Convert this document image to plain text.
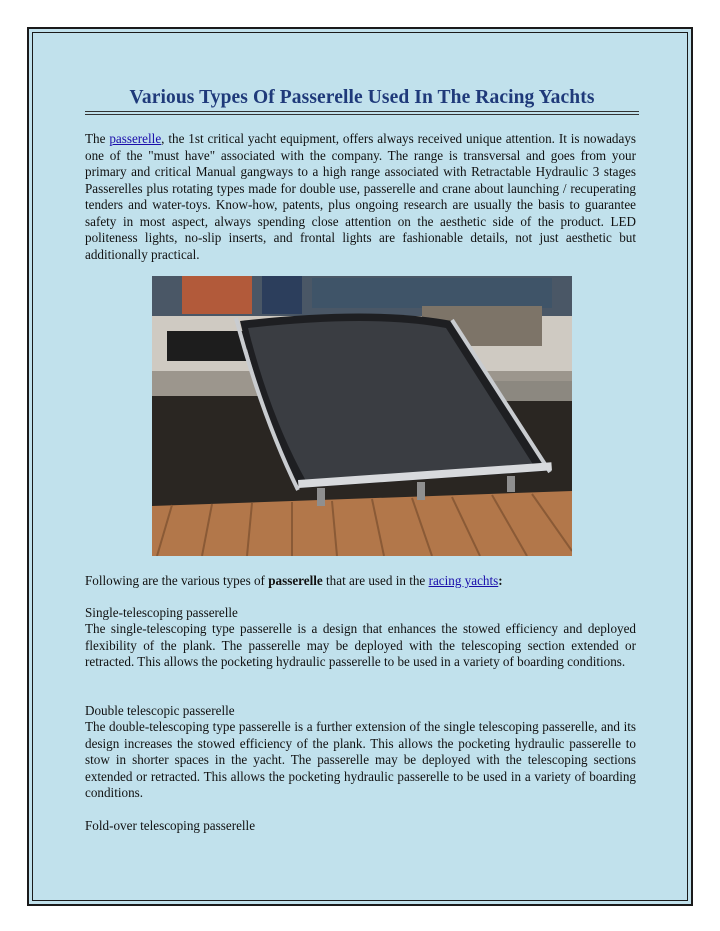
Various Types Of Passerelle Used In The Racing Yachts

The passerelle, the 1st critical yacht equipment, offers always received unique attention. It is nowadays one of the "must have" associated with the company. The range is transversal and goes from your primary and critical Manual gangways to a high range associated with Retractable Hydraulic 3 stages Passerelles plus rotating types made for double use, passerelle and crane about launching / recuperating tenders and water-toys. Know-how, patents, plus ongoing research are usually the basis to guarantee safety in most aspect, always spending close attention on the aesthetic side of the product. LED politeness lights, no-slip inserts, and frontal lights are fashionable details, not just aesthetic but additionally practical.

Following are the various types of passerelle that are used in the racing yachts:

Single-telescoping passerelle

The single-telescoping type passerelle is a design that enhances the stowed efficiency and deployed flexibility of the plank. The passerelle may be deployed with the telescoping section extended or retracted. This allows the pocketing hydraulic passerelle to be used in a variety of boarding conditions.

Double telescopic passerelle

The double-telescoping type passerelle is a further extension of the single telescoping passerelle, and its design increases the stowed efficiency of the plank. This allows the pocketing hydraulic passerelle to stow in shorter spaces in the yacht. The passerelle may be deployed with the telescoping sections extended or retracted. This allows the pocketing hydraulic passerelle to be used in a variety of boarding conditions.

Fold-over telescoping passerelle
